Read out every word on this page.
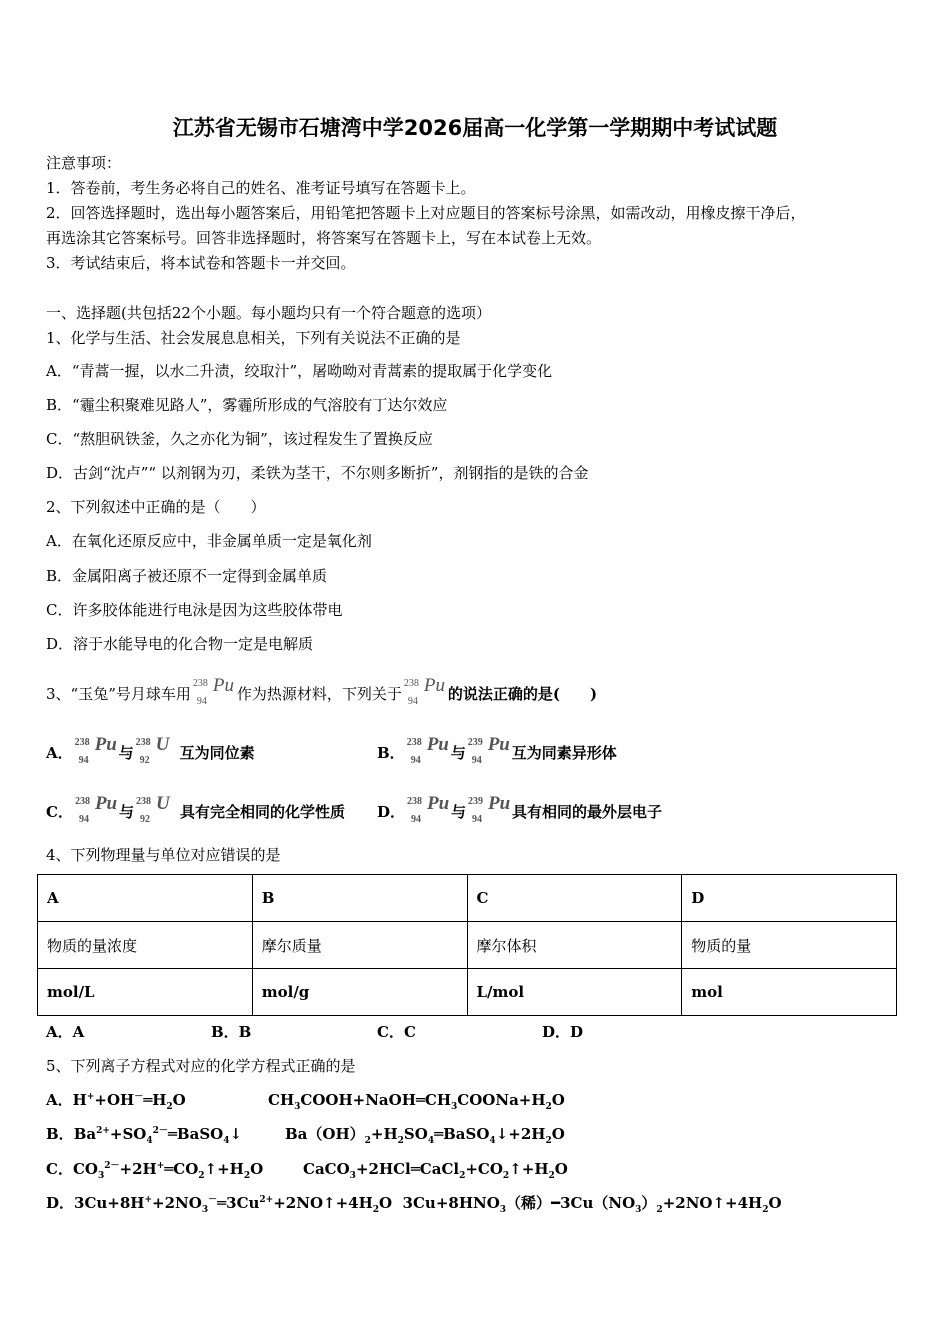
江苏省无锡市石塘湾中学2026届高一化学第一学期期中考试试题
注意事项：
1．答卷前，考生务必将自己的姓名、准考证号填写在答题卡上。
2．回答选择题时，选出每小题答案后，用铅笔把答题卡上对应题目的答案标号涂黑，如需改动，用橡皮擦干净后，
再选涂其它答案标号。回答非选择题时，将答案写在答题卡上，写在本试卷上无效。
3．考试结束后，将本试卷和答题卡一并交回。
一、选择题(共包括22个小题。每小题均只有一个符合题意的选项）
1、化学与生活、社会发展息息相关，下列有关说法不正确的是
A．“青蒿一握，以水二升渍，绞取汁”，屠呦呦对青蒿素的提取属于化学变化
B．“霾尘积聚难见路人”，雾霾所形成的气溶胶有丁达尔效应
C．“熬胆矾铁釜，久之亦化为铜”，该过程发生了置换反应
D．古剑“沈卢”“ 以剂钢为刃，柔铁为茎干，不尔则多断折”，剂钢指的是铁的合金
2、下列叙述中正确的是（　　）
A．在氧化还原反应中，非金属单质一定是氧化剂
B．金属阳离子被还原不一定得到金属单质
C．许多胶体能进行电泳是因为这些胶体带电
D．溶于水能导电的化合物一定是电解质
3、“玉兔”号月球车用
238
94
Pu 作为热源材料，下列关于
238
94
Pu 的说法正确的是(　　)
A．
238
94
Pu 与
238
92
U 互为同位素	B．
238
94
Pu 与
239
94
Pu 互为同素异形体
C．
238
94
Pu 与
238
92
U 具有完全相同的化学性质 D．
238
94
Pu 与
239
94
Pu 具有相同的最外层电子
4、下列物理量与单位对应错误的是
A	B	C	D
物质的量浓度	摩尔质量	摩尔体积	物质的量
mol/L	mol/g	L/mol	mol
A．A	B．B	C．C	D．D
5、下列离子方程式对应的化学方程式正确的是
A．$H^++OH^-═H_2O$	$CH_3COOH+NaOH═CH_3COONa+H_2O$
B．$Ba^{2+}+SO_4^{2-}═BaSO_4↓$	$Ba(OH)_2+H_2SO_4═BaSO_4↓+2H_2O$
C．$CO_3^{2-}+2H^+═CO_2↑+H_2O$	$CaCO_3+2HCl═CaCl_2+CO_2↑+H_2O$
D．$3Cu+8H^++2NO_3^-═3Cu^{2+}+2NO↑+4H_2O$  $3Cu+8HNO_3$（稀）$━3Cu(NO_3)_2+2NO↑+4H_2O$
